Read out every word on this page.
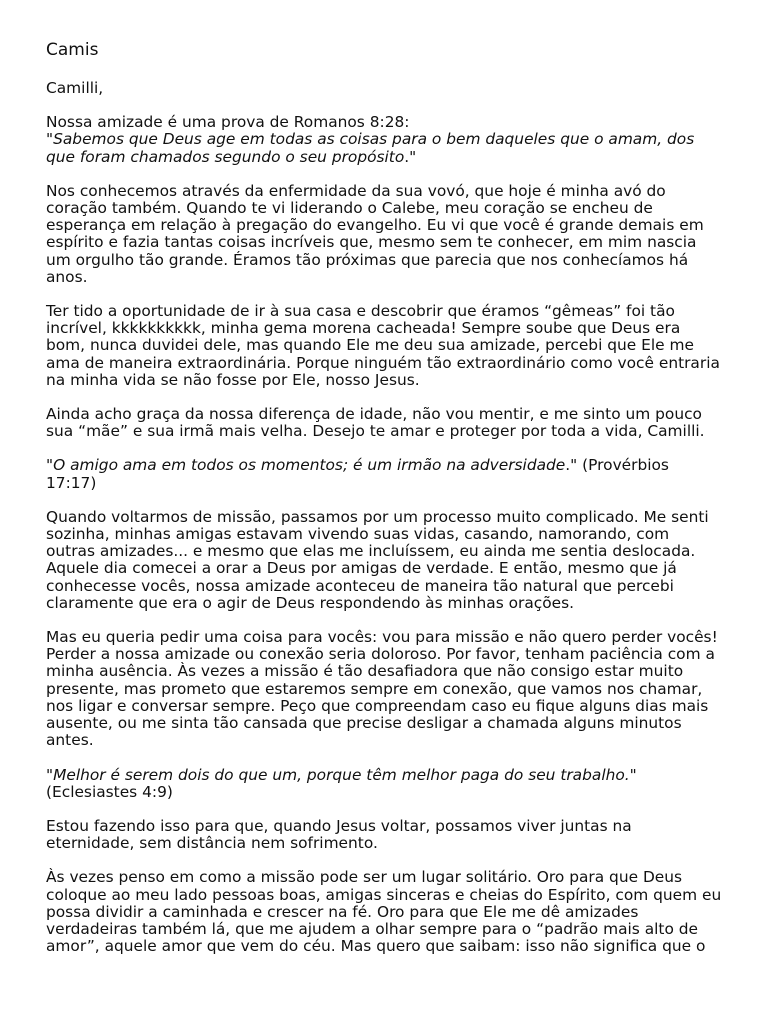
Camis

Camilli,

Nossa amizade é uma prova de Romanos 8:28:
"Sabemos que Deus age em todas as coisas para o bem daqueles que o amam, dos que foram chamados segundo o seu propósito."

Nos conhecemos através da enfermidade da sua vovó, que hoje é minha avó do coração também. Quando te vi liderando o Calebe, meu coração se encheu de esperança em relação à pregação do evangelho. Eu vi que você é grande demais em espírito e fazia tantas coisas incríveis que, mesmo sem te conhecer, em mim nascia um orgulho tão grande. Éramos tão próximas que parecia que nos conhecíamos há anos.

Ter tido a oportunidade de ir à sua casa e descobrir que éramos “gêmeas” foi tão incrível, kkkkkkkkkk, minha gema morena cacheada! Sempre soube que Deus era bom, nunca duvidei dele, mas quando Ele me deu sua amizade, percebi que Ele me ama de maneira extraordinária. Porque ninguém tão extraordinário como você entraria na minha vida se não fosse por Ele, nosso Jesus.

Ainda acho graça da nossa diferença de idade, não vou mentir, e me sinto um pouco sua “mãe” e sua irmã mais velha. Desejo te amar e proteger por toda a vida, Camilli.

"O amigo ama em todos os momentos; é um irmão na adversidade." (Provérbios 17:17)

Quando voltarmos de missão, passamos por um processo muito complicado. Me senti sozinha, minhas amigas estavam vivendo suas vidas, casando, namorando, com outras amizades... e mesmo que elas me incluíssem, eu ainda me sentia deslocada. Aquele dia comecei a orar a Deus por amigas de verdade. E então, mesmo que já conhecesse vocês, nossa amizade aconteceu de maneira tão natural que percebi claramente que era o agir de Deus respondendo às minhas orações.

Mas eu queria pedir uma coisa para vocês: vou para missão e não quero perder vocês! Perder a nossa amizade ou conexão seria doloroso. Por favor, tenham paciência com a minha ausência. Às vezes a missão é tão desafiadora que não consigo estar muito presente, mas prometo que estaremos sempre em conexão, que vamos nos chamar, nos ligar e conversar sempre. Peço que compreendam caso eu fique alguns dias mais ausente, ou me sinta tão cansada que precise desligar a chamada alguns minutos antes.

"Melhor é serem dois do que um, porque têm melhor paga do seu trabalho." (Eclesiastes 4:9)

Estou fazendo isso para que, quando Jesus voltar, possamos viver juntas na eternidade, sem distância nem sofrimento.

Às vezes penso em como a missão pode ser um lugar solitário. Oro para que Deus coloque ao meu lado pessoas boas, amigas sinceras e cheias do Espírito, com quem eu possa dividir a caminhada e crescer na fé. Oro para que Ele me dê amizades verdadeiras também lá, que me ajudem a olhar sempre para o “padrão mais alto de amor”, aquele amor que vem do céu. Mas quero que saibam: isso não significa que o
